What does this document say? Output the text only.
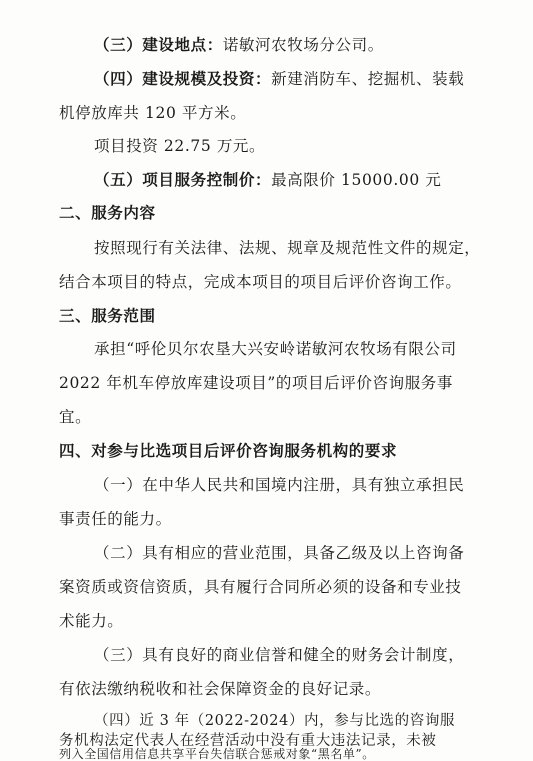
（三）建设地点：诺敏河农牧场分公司。
（四）建设规模及投资：新建消防车、挖掘机、装载
机停放库共 120 平方米。
项目投资 22.75 万元。
（五）项目服务控制价：最高限价 15000.00 元
二、服务内容
按照现行有关法律、法规、规章及规范性文件的规定，
结合本项目的特点，完成本项目的项目后评价咨询工作。
三、服务范围
承担“呼伦贝尔农垦大兴安岭诺敏河农牧场有限公司
2022 年机车停放库建设项目”的项目后评价咨询服务事
宜。
四、对参与比选项目后评价咨询服务机构的要求
（一）在中华人民共和国境内注册，具有独立承担民
事责任的能力。
（二）具有相应的营业范围，具备乙级及以上咨询备
案资质或资信资质，具有履行合同所必须的设备和专业技
术能力。
（三）具有良好的商业信誉和健全的财务会计制度，
有依法缴纳税收和社会保障资金的良好记录。
（四）近 3 年（2022-2024）内，参与比选的咨询服
务机构法定代表人在经营活动中没有重大违法记录，未被
列入全国信用信息共享平台失信联合惩戒对象“黑名单”。
